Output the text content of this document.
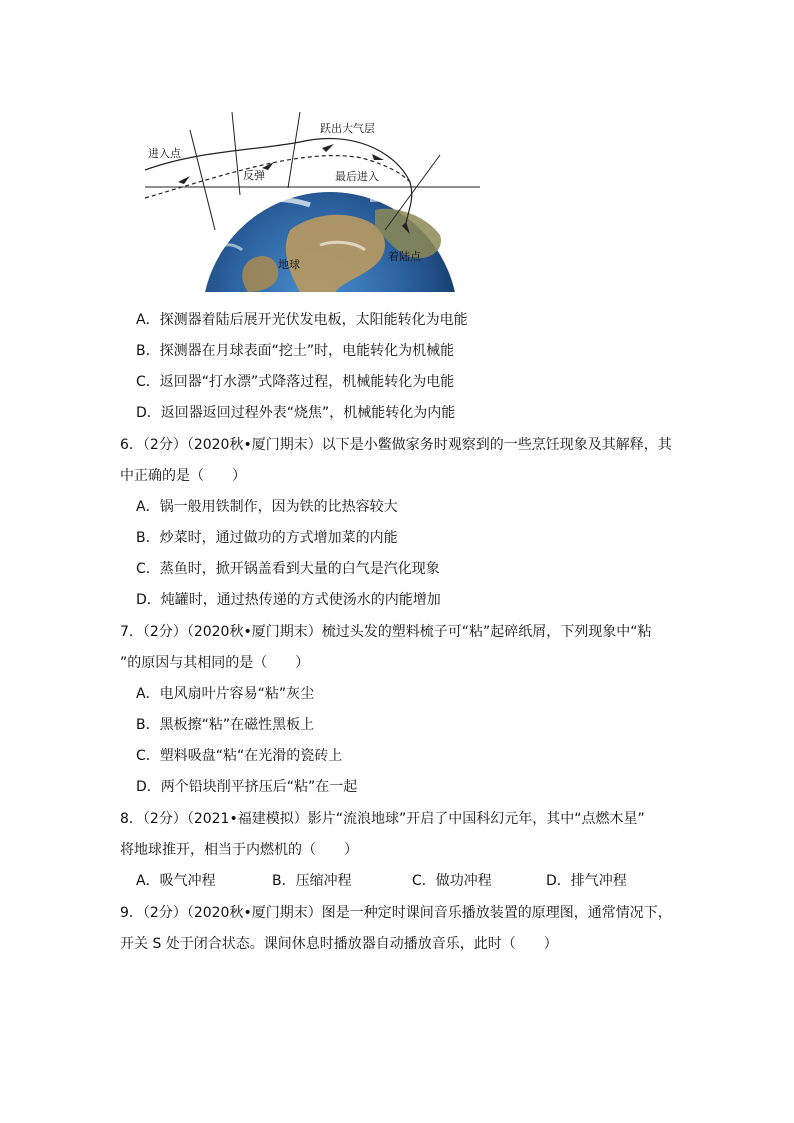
进入点
跃出大气层
反弹	最后进入
地球
着陆点
A．探测器着陆后展开光伏发电板，太阳能转化为电能
B．探测器在月球表面“挖土”时，电能转化为机械能
C．返回器“打水漂”式降落过程，机械能转化为电能
D．返回器返回过程外表“烧焦”，机械能转化为内能
6．（2分）（2020秋•厦门期末）以下是小鳖做家务时观察到的一些烹饪现象及其解释，其
中正确的是（　　）
A．锅一般用铁制作，因为铁的比热容较大
B．炒菜时，通过做功的方式增加菜的内能
C．蒸鱼时，掀开锅盖看到大量的白气是汽化现象
D．炖罐时，通过热传递的方式使汤水的内能增加
7．（2分）（2020秋•厦门期末）梳过头发的塑料梳子可“粘”起碎纸屑，下列现象中“粘
”的原因与其相同的是（　　）
A．电风扇叶片容易“粘”灰尘
B．黑板擦“粘”在磁性黑板上
C．塑料吸盘“粘“在光滑的瓷砖上
D．两个铅块削平挤压后“粘”在一起
8．（2分）（2021•福建模拟）影片“流浪地球”开启了中国科幻元年，其中“点燃木星”
将地球推开，相当于内燃机的（　　）
A．吸气冲程	B．压缩冲程	C．做功冲程	D．排气冲程
9．（2分）（2020秋•厦门期末）图是一种定时课间音乐播放装置的原理图，通常情况下，
开关 S 处于闭合状态。课间休息时播放器自动播放音乐，此时（　　）
